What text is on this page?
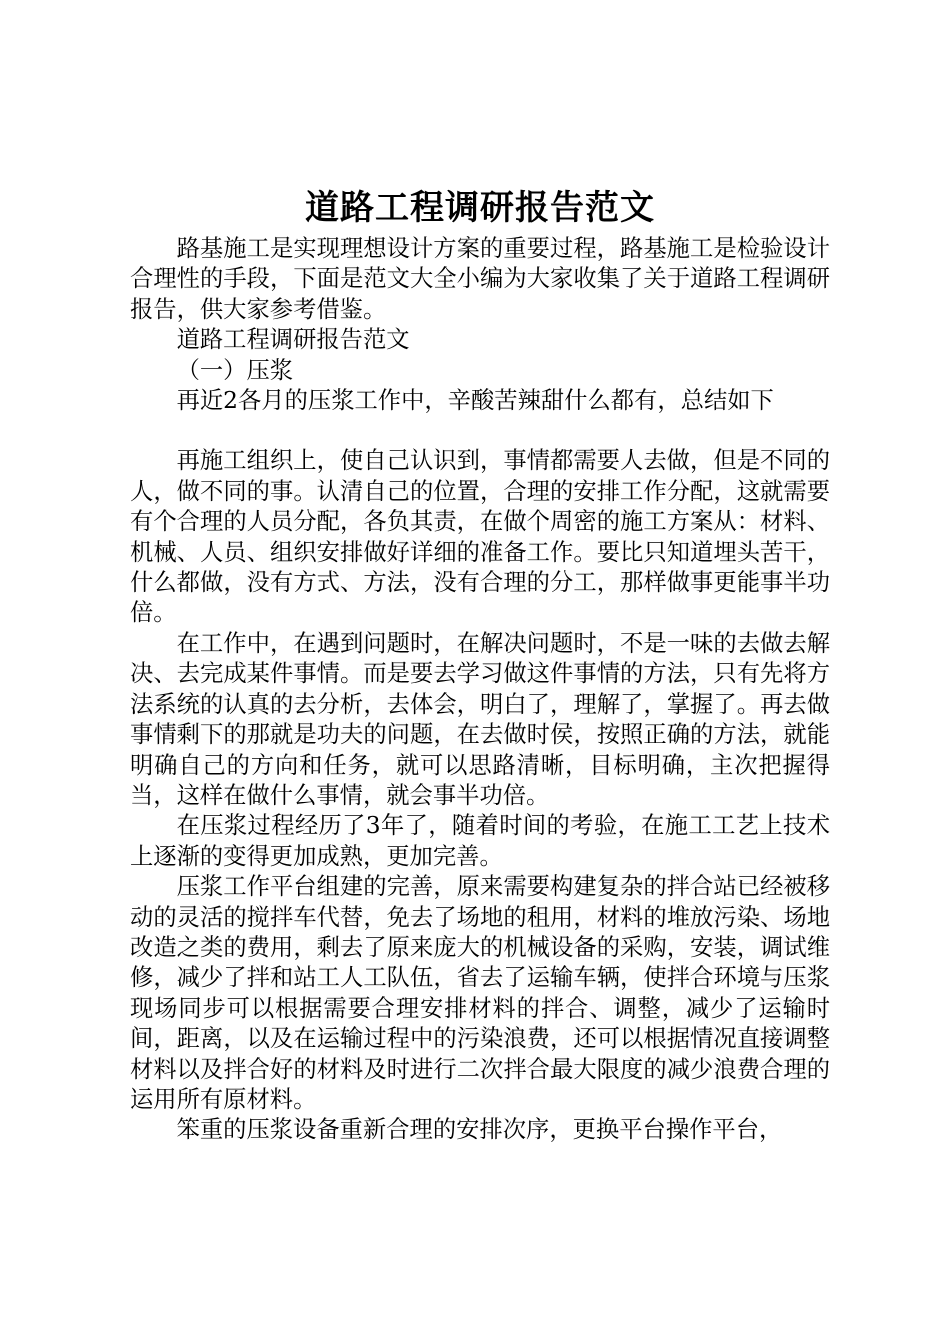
道路工程调研报告范文

路基施工是实现理想设计方案的重要过程，路基施工是检验设计合理性的手段，下面是范文大全小编为大家收集了关于道路工程调研报告，供大家参考借鉴。

道路工程调研报告范文

（一）压浆

再近2各月的压浆工作中，辛酸苦辣甜什么都有，总结如下

再施工组织上，使自己认识到，事情都需要人去做，但是不同的人，做不同的事。认清自己的位置，合理的安排工作分配，这就需要有个合理的人员分配，各负其责，在做个周密的施工方案从：材料、机械、人员、组织安排做好详细的准备工作。要比只知道埋头苦干，什么都做，没有方式、方法，没有合理的分工，那样做事更能事半功倍。

在工作中，在遇到问题时，在解决问题时，不是一味的去做去解决、去完成某件事情。而是要去学习做这件事情的方法，只有先将方法系统的认真的去分析，去体会，明白了，理解了，掌握了。再去做事情剩下的那就是功夫的问题，在去做时侯，按照正确的方法，就能明确自己的方向和任务，就可以思路清晰，目标明确，主次把握得当，这样在做什么事情，就会事半功倍。

在压浆过程经历了3年了，随着时间的考验，在施工工艺上技术上逐渐的变得更加成熟，更加完善。

压浆工作平台组建的完善，原来需要构建复杂的拌合站已经被移动的灵活的搅拌车代替，免去了场地的租用，材料的堆放污染、场地改造之类的费用，剩去了原来庞大的机械设备的采购，安装，调试维修，减少了拌和站工人工队伍，省去了运输车辆，使拌合环境与压浆现场同步可以根据需要合理安排材料的拌合、调整，减少了运输时间，距离，以及在运输过程中的污染浪费，还可以根据情况直接调整材料以及拌合好的材料及时进行二次拌合最大限度的减少浪费合理的运用所有原材料。

笨重的压浆设备重新合理的安排次序，更换平台操作平台，
